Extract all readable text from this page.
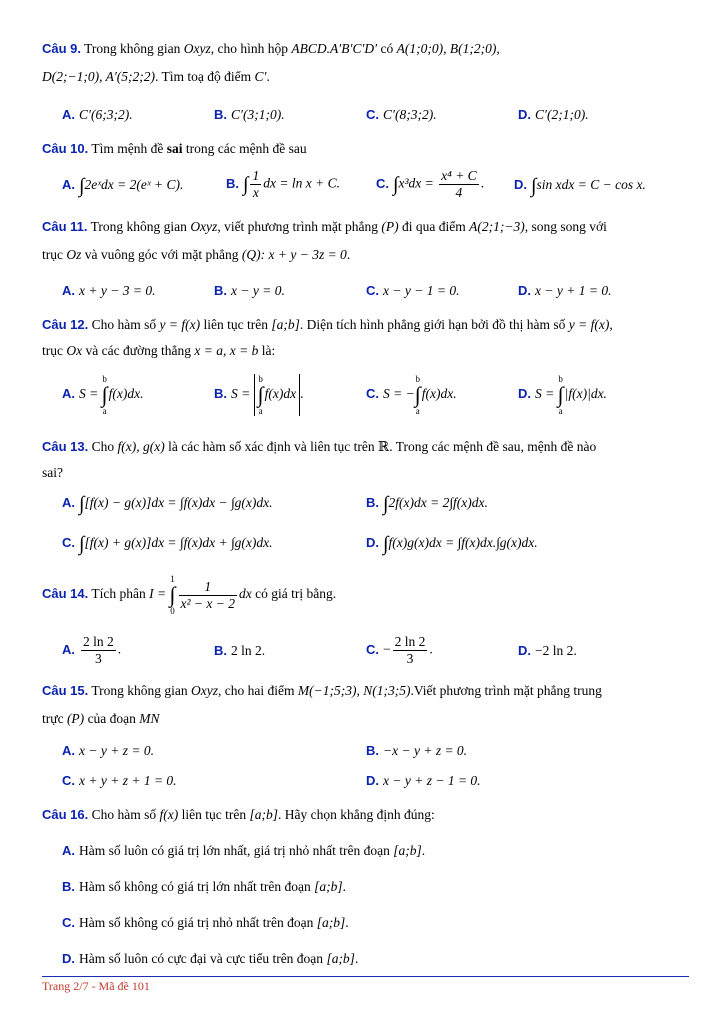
Câu 9. Trong không gian Oxyz, cho hình hộp ABCD.A′B′C′D′ có A(1;0;0), B(1;2;0),
D(2;−1;0), A′(5;2;2). Tìm toạ độ điểm C′.
A. C′(6;3;2).	B. C′(3;1;0).	C. C′(8;3;2).	D. C′(2;1;0).
Câu 10. Tìm mệnh đề sai trong các mệnh đề sau
A. ∫2eˣdx = 2(eˣ + C).	B. ∫ $\frac{1}{x}$ dx = ln x + C.	C. $\int x^3dx = \frac{\text{x⁴ + C}}{4}$ . D. ∫sin xdx = C − cos x.
Câu 11. Trong không gian Oxyz, viết phương trình mặt phẳng (P) đi qua điểm A(2;1;−3), song song với
trục Oz và vuông góc với mặt phẳng (Q): x + y − 3z = 0.
A. x + y − 3 = 0.	B. x − y = 0.	C. x − y − 1 = 0.	D. x − y + 1 = 0.
Câu 12. Cho hàm số y = f(x) liên tục trên [a;b]. Diện tích hình phẳng giới hạn bởi đồ thị hàm số y = f(x),
trục Ox và các đường thẳng x = a, x = b là:
A. S = b
∫
af(x)dx.	B. S = b
∫
af(x)dx .	C. S = −b
∫
af(x)dx.	D. S = b
∫
a|f(x)|dx.
Câu 13. Cho f(x), g(x) là các hàm số xác định và liên tục trên ℝ. Trong các mệnh đề sau, mệnh đề nào
sai?
A. ∫[f(x) − g(x)]dx = ∫f(x)dx − ∫g(x)dx.	B. ∫2f(x)dx = 2∫f(x)dx.
C. ∫[f(x) + g(x)]dx = ∫f(x)dx + ∫g(x)dx.	D. ∫f(x)g(x)dx = ∫f(x)dx.∫g(x)dx.
Câu 14. Tích phân I = 1
∫
$0 \frac{1}{\text{x² − x − 2}}$ dx có giá trị bằng.
A. $\frac{2 \ln 2}{3}$ .	B. 2 ln 2.	C. − $\frac{2 \ln 2}{3}$ .	D. −2 ln 2.
Câu 15. Trong không gian Oxyz, cho hai điểm M(−1;5;3), N(1;3;5).Viết phương trình mặt phẳng trung
trực (P) của đoạn MN
A. x − y + z = 0.	B. −x − y + z = 0.
C. x + y + z + 1 = 0.	D. x − y + z − 1 = 0.
Câu 16. Cho hàm số f(x) liên tục trên [a;b]. Hãy chọn khẳng định đúng:
A. Hàm số luôn có giá trị lớn nhất, giá trị nhỏ nhất trên đoạn [a;b].
B. Hàm số không có giá trị lớn nhất trên đoạn [a;b].
C. Hàm số không có giá trị nhỏ nhất trên đoạn [a;b].
D. Hàm số luôn có cực đại và cực tiểu trên đoạn [a;b].
Trang 2/7 - Mã đề 101
